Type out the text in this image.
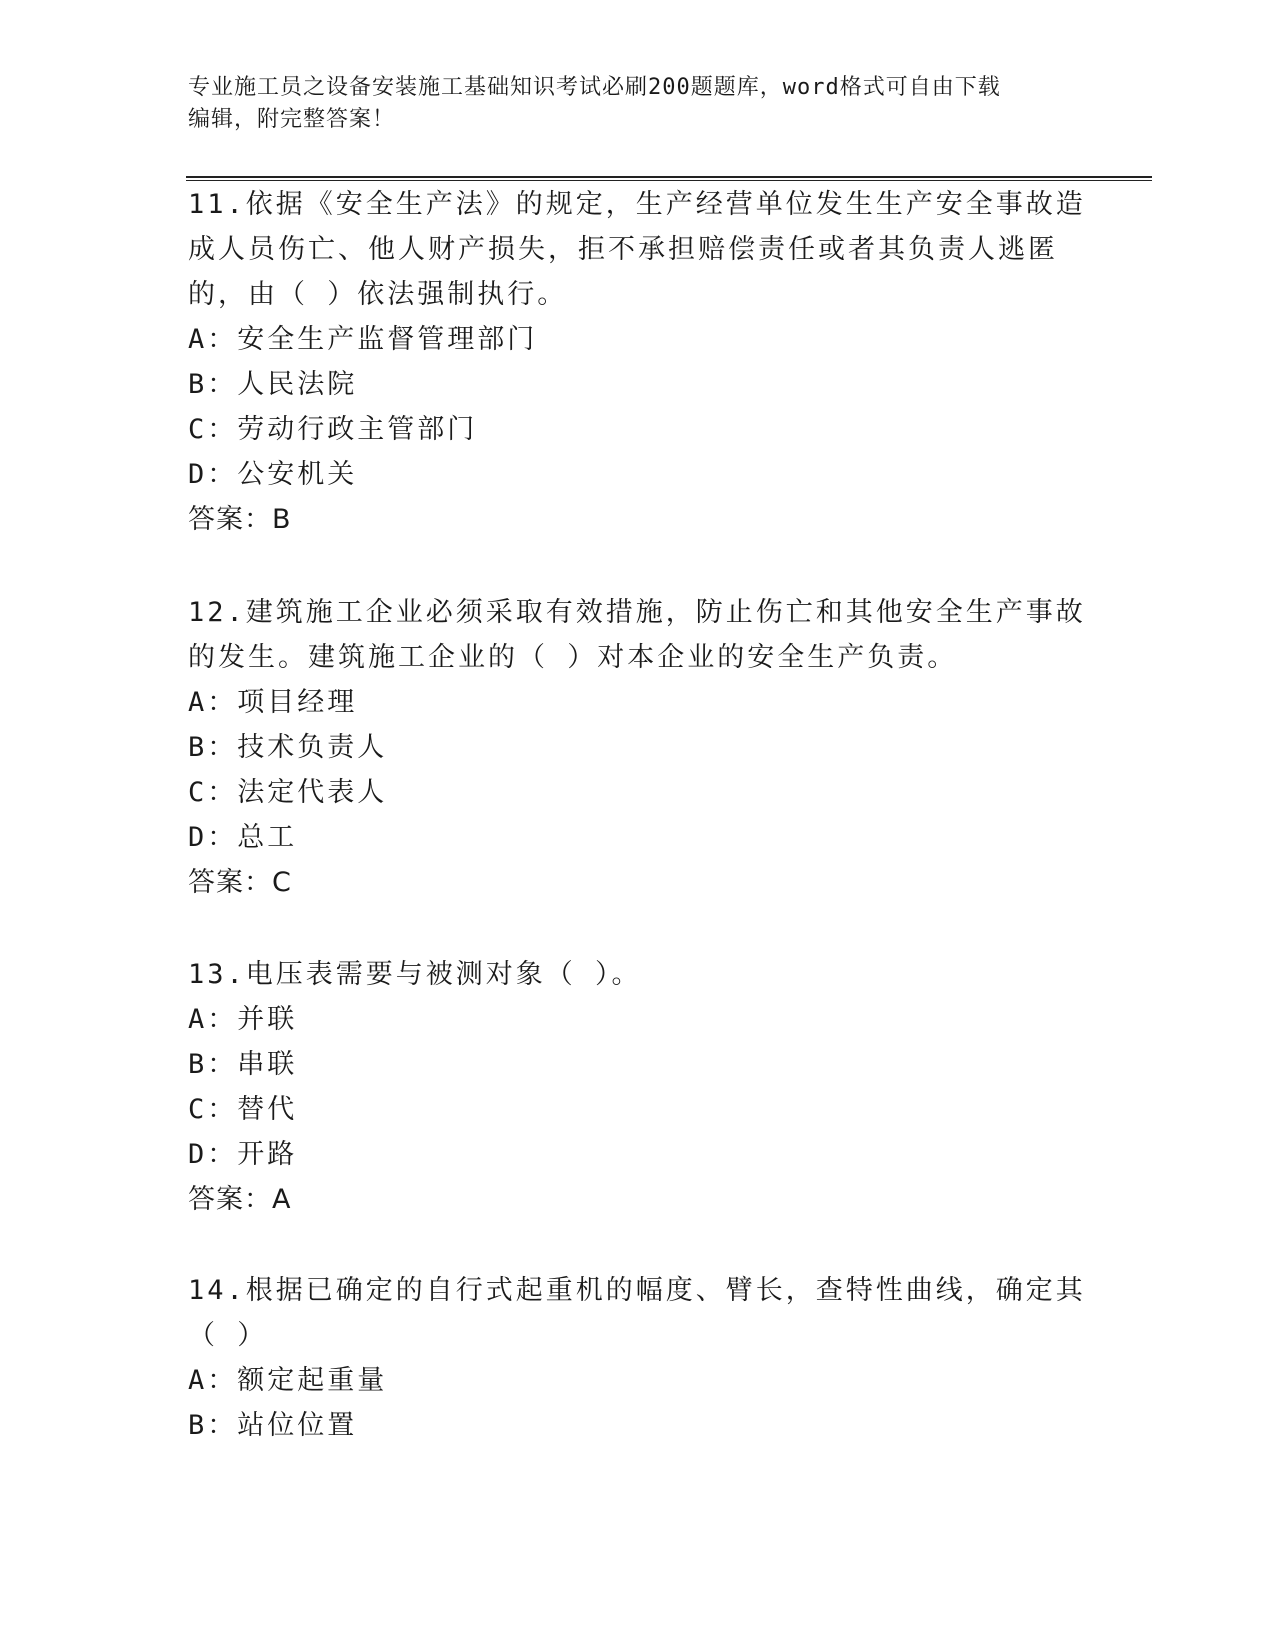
专业施工员之设备安装施工基础知识考试必刷200题题库，word格式可自由下载
编辑，附完整答案！
11.依据《安全生产法》的规定，生产经营单位发生生产安全事故造成人员伤亡、他人财产损失，拒不承担赔偿责任或者其负责人逃匿的，由（ ）依法强制执行。
A：安全生产监督管理部门
B：人民法院
C：劳动行政主管部门
D：公安机关
答案：B
12.建筑施工企业必须采取有效措施，防止伤亡和其他安全生产事故的发生。建筑施工企业的（ ）对本企业的安全生产负责。
A：项目经理
B：技术负责人
C：法定代表人
D：总工
答案：C
13.电压表需要与被测对象（ ）。
A：并联
B：串联
C：替代
D：开路
答案：A
14.根据已确定的自行式起重机的幅度、臂长，查特性曲线，确定其（ ）
A：额定起重量
B：站位位置
